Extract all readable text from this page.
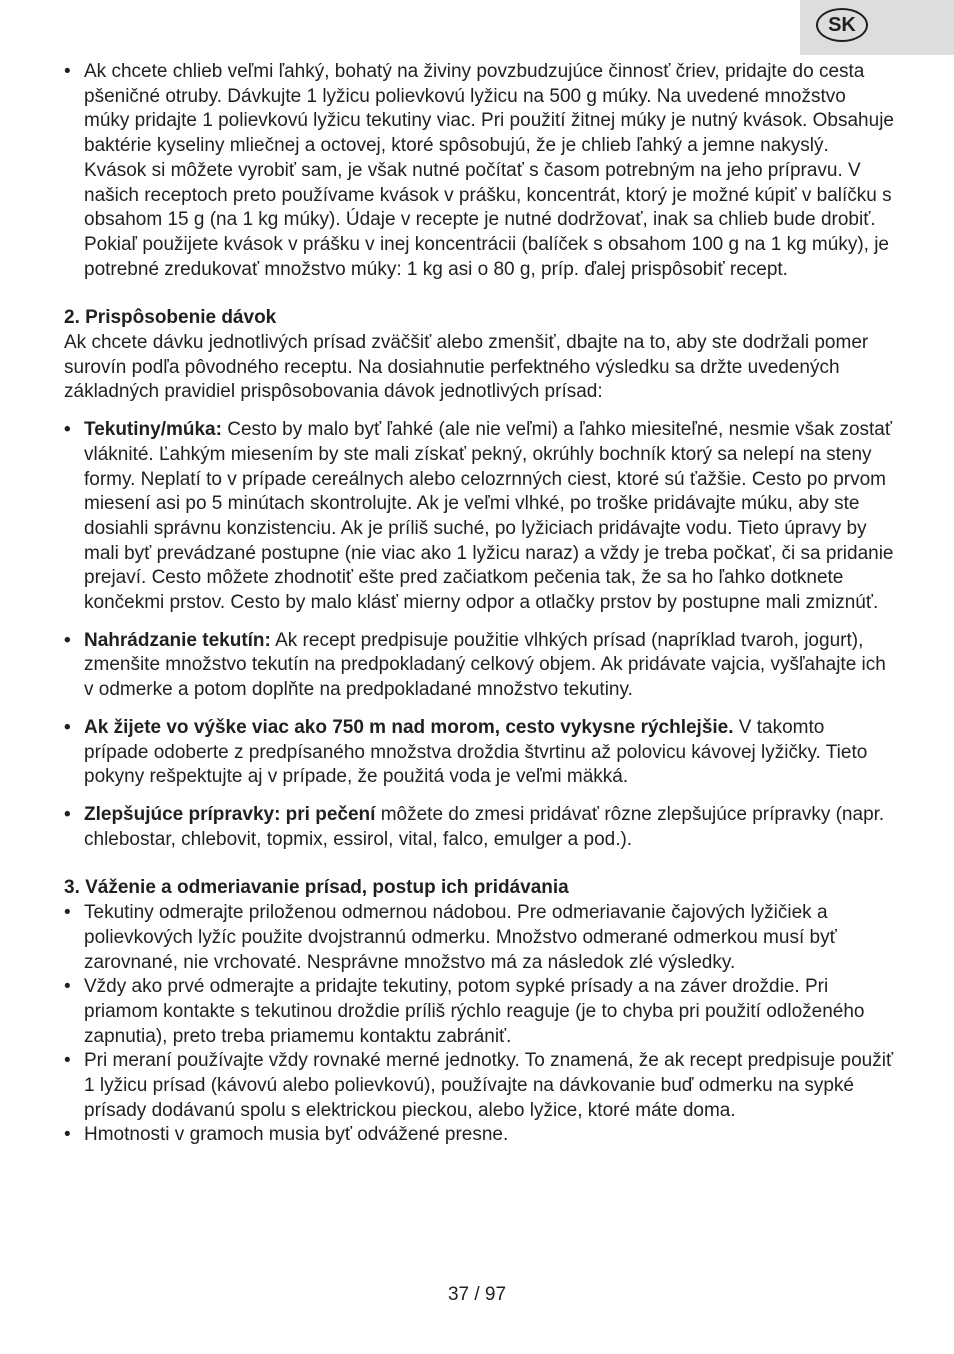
SK
• Ak chcete chlieb veľmi ľahký, bohatý na živiny povzbudzujúce činnosť čriev, pridajte do cesta pšeničné otruby. Dávkujte 1 lyžicu polievkovú lyžicu na 500 g múky. Na uvedené množstvo múky pridajte 1 polievkovú lyžicu tekutiny viac. Pri použití žitnej múky je nutný kvások. Obsahuje baktérie kyseliny mliečnej a octovej, ktoré spôsobujú, že je chlieb ľahký a jemne nakyslý. Kvások si môžete vyrobiť sam, je však nutné počítať s časom potrebným na jeho prípravu. V našich receptoch preto používame kvások v prášku, koncentrát, ktorý je možné kúpiť v balíčku s obsahom 15 g (na 1 kg múky). Údaje v recepte je nutné dodržovať, inak sa chlieb bude drobiť. Pokiaľ použijete kvások v prášku v inej koncentrácii (balíček s obsahom 100 g na 1 kg múky), je potrebné zredukovať množstvo múky: 1 kg asi o 80 g, príp. ďalej prispôsobiť recept.

2. Prispôsobenie dávok

Ak chcete dávku jednotlivých prísad zväčšiť alebo zmenšiť, dbajte na to, aby ste dodržali pomer surovín podľa pôvodného receptu. Na dosiahnutie perfektného výsledku sa držte uvedených základných pravidiel prispôsobovania dávok jednotlivých prísad:

• Tekutiny/múka: Cesto by malo byť ľahké (ale nie veľmi) a ľahko miesiteľné, nesmie však zostať vláknité. Ľahkým miesením by ste mali získať pekný, okrúhly bochník ktorý sa nelepí na steny formy. Neplatí to v prípade cereálnych alebo celozrnných ciest, ktoré sú ťažšie. Cesto po prvom miesení asi po 5 minútach skontrolujte. Ak je veľmi vlhké, po troške pridávajte múku, aby ste dosiahli správnu konzistenciu. Ak je príliš suché, po lyžiciach pridávajte vodu. Tieto úpravy by mali byť prevádzané postupne (nie viac ako 1 lyžicu naraz) a vždy je treba počkať, či sa pridanie prejaví. Cesto môžete zhodnotiť ešte pred začiatkom pečenia tak, že sa ho ľahko dotknete končekmi prstov. Cesto by malo klásť mierny odpor a otlačky prstov by postupne mali zmiznúť.

• Nahrádzanie tekutín: Ak recept predpisuje použitie vlhkých prísad (napríklad tvaroh, jogurt), zmenšite množstvo tekutín na predpokladaný celkový objem. Ak pridávate vajcia, vyšľahajte ich v odmerke a potom doplňte na predpokladané množstvo tekutiny.

• Ak žijete vo výške viac ako 750 m nad morom, cesto vykysne rýchlejšie. V takomto prípade odoberte z predpísaného množstva droždia štvrtinu až polovicu kávovej lyžičky. Tieto pokyny rešpektujte aj v prípade, že použitá voda je veľmi mäkká.

• Zlepšujúce prípravky: pri pečení môžete do zmesi pridávať rôzne zlepšujúce prípravky (napr. chlebostar, chlebovit, topmix, essirol, vital, falco, emulger a pod.).

3. Váženie a odmeriavanie prísad, postup ich pridávania
• Tekutiny odmerajte priloženou odmernou nádobou. Pre odmeriavanie čajových lyžičiek a polievkových lyžíc použite dvojstrannú odmerku. Množstvo odmerané odmerkou musí byť zarovnané, nie vrchovaté. Nesprávne množstvo má za následok zlé výsledky.

• Vždy ako prvé odmerajte a pridajte tekutiny, potom sypké prísady a na záver droždie. Pri priamom kontakte s tekutinou droždie príliš rýchlo reaguje (je to chyba pri použití odloženého zapnutia), preto treba priamemu kontaktu zabrániť.

• Pri meraní používajte vždy rovnaké merné jednotky. To znamená, že ak recept predpisuje použiť 1 lyžicu prísad (kávovú alebo polievkovú), používajte na dávkovanie buď odmerku na sypké prísady dodávanú spolu s elektrickou pieckou, alebo lyžice, ktoré máte doma.

• Hmotnosti v gramoch musia byť odvážené presne.

37 / 97
